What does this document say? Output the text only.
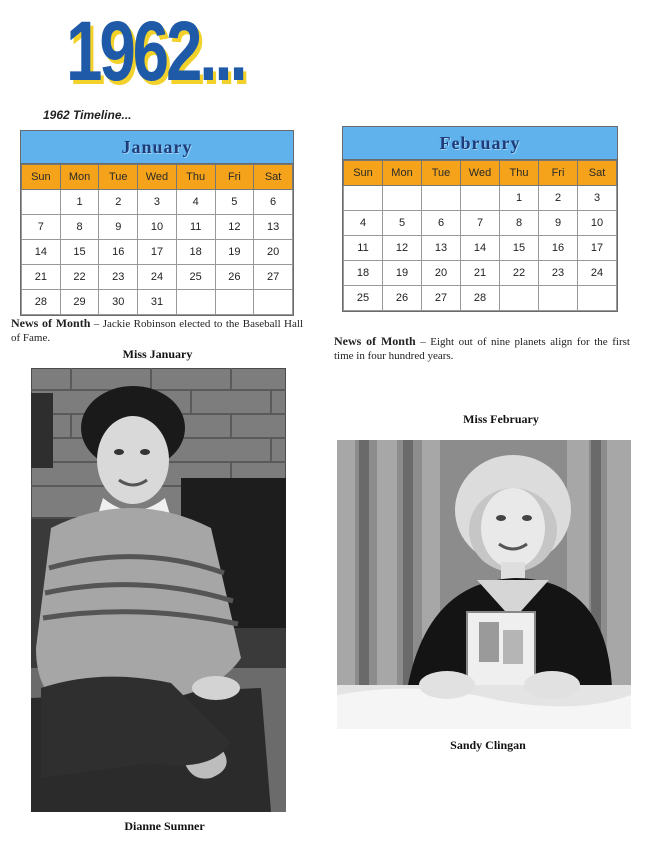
1962...
1962 Timeline...
January
Sun	Mon	Tue	Wed	Thu	Fri	Sat
	1	2	3	4	5	6
7	8	9	10	11	12	13
14	15	16	17	18	19	20
21	22	23	24	25	26	27
28	29	30	31			
February
Sun	Mon	Tue	Wed	Thu	Fri	Sat
				1	2	3
4	5	6	7	8	9	10
11	12	13	14	15	16	17
18	19	20	21	22	23	24
25	26	27	28			
News of Month – Jackie Robinson elected to the Baseball Hall of Fame.	News of Month – Eight out of nine planets align for the first time in four hundred years.
Miss January
Miss February
Dianne Sumner
Sandy Clingan
